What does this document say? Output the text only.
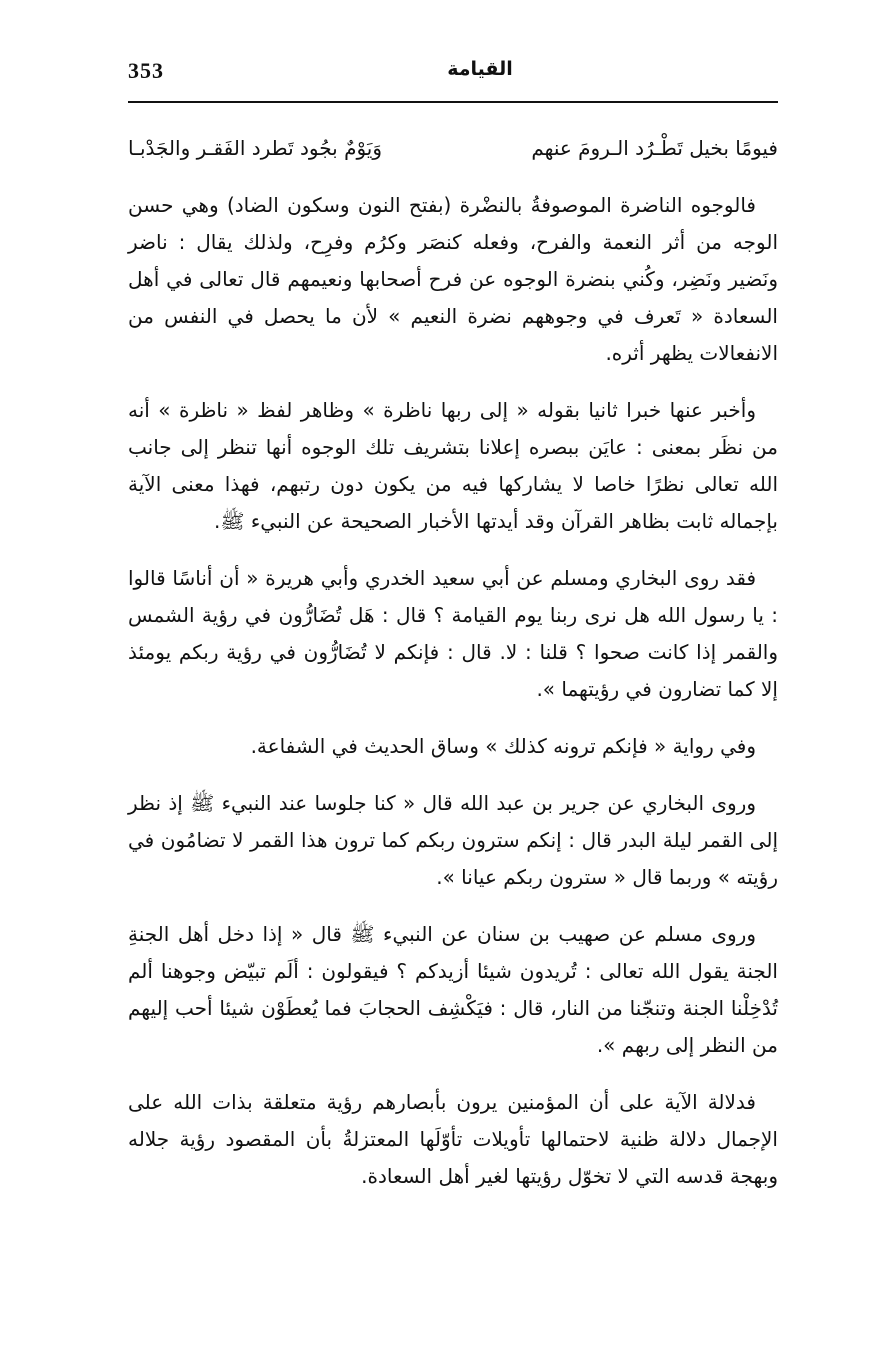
353	القيامة
فيومًا بخيل تَطْـرُد الـرومَ عنهم
وَيَوْمٌ بجُود تَطرد الفَقـر والجَدْبـا

فالوجوه الناضرة الموصوفةُ بالنضْرة (بفتح النون وسكون الضاد) وهي حسن الوجه من أثر النعمة والفرح، وفعله كنصَر وكرُم وفرِح، ولذلك يقال : ناضر ونَضير ونَضِر، وكُني بنضرة الوجوه عن فرح أصحابها ونعيمهم قال تعالى في أهل السعادة « تَعرف في وجوههم نضرة النعيم » لأن ما يحصل في النفس من الانفعالات يظهر أثره.

وأخبر عنها خبرا ثانيا بقوله « إلى ربها ناظرة » وظاهر لفظ « ناظرة » أنه من نظَر بمعنى : عايَن ببصره إعلانا بتشريف تلك الوجوه أنها تنظر إلى جانب الله تعالى نظرًا خاصا لا يشاركها فيه من يكون دون رتبهم، فهذا معنى الآية بإجماله ثابت بظاهر القرآن وقد أيدتها الأخبار الصحيحة عن النبيء ﷺ.

فقد روى البخاري ومسلم عن أبي سعيد الخدري وأبي هريرة « أن أناسًا قالوا : يا رسول الله هل نرى ربنا يوم القيامة ؟ قال : هَل تُضَارُّون في رؤية الشمس والقمر إذا كانت صحوا ؟ قلنا : لا. قال : فإنكم لا تُضَارُّون في رؤية ربكم يومئذ إلا كما تضارون في رؤيتهما ».

وفي رواية « فإنكم ترونه كذلك » وساق الحديث في الشفاعة.

وروى البخاري عن جرير بن عبد الله قال « كنا جلوسا عند النبيء ﷺ إذ نظر إلى القمر ليلة البدر قال : إنكم سترون ربكم كما ترون هذا القمر لا تضامُون في رؤيته » وربما قال « سترون ربكم عيانا ».

وروى مسلم عن صهيب بن سنان عن النبيء ﷺ قال « إذا دخل أهل الجنةِ الجنة يقول الله تعالى : تُريدون شيئا أزيدكم ؟ فيقولون : ألَم تبيّض وجوهنا ألم تُدْخِلْنا الجنة وتنجّنا من النار، قال : فيَكْشِف الحجابَ فما يُعطَوْن شيئا أحب إليهم من النظر إلى ربهم ».

فدلالة الآية على أن المؤمنين يرون بأبصارهم رؤية متعلقة بذات الله على الإجمال دلالة ظنية لاحتمالها تأويلات تأوّلَها المعتزلةُ بأن المقصود رؤية جلاله وبهجة قدسه التي لا تخوّل رؤيتها لغير أهل السعادة.
